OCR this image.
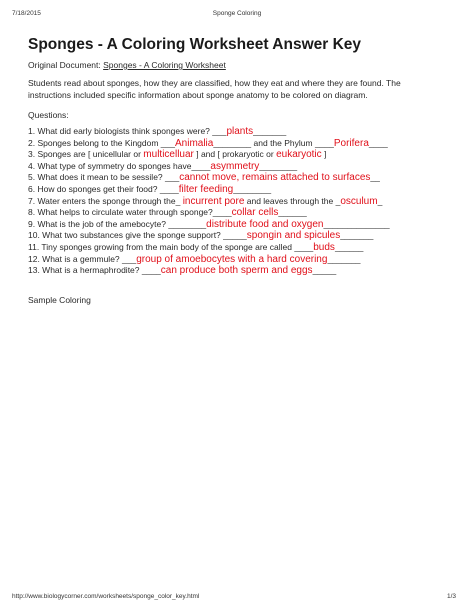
7/18/2015	Sponge Coloring
Sponges - A Coloring Worksheet Answer Key
Original Document: Sponges - A Coloring Worksheet
Students read about sponges, how they are classified, how they eat and where they are found. The instructions included specific information about sponge anatomy to be colored on diagram.
Questions:
1. What did early biologists think sponges were? ___plants_______
2. Sponges belong to the Kingdom ___Animalia________ and the Phylum ____Porifera____
3. Sponges are [ unicellular or multicelluar ] and [ prokaryotic or eukaryotic ]
4. What type of symmetry do sponges have____asymmetry________
5. What does it mean to be sessile? ___cannot move, remains attached to surfaces__
6. How do sponges get their food? ____filter feeding________
7. Water enters the sponge through the_ incurrent pore and leaves through the _osculum_
8. What helps to circulate water through sponge?____collar cells______
9. What is the job of the amebocyte? ________distribute food and oxygen______________
10. What two substances give the sponge support? _____spongin and spicules_______
11. Tiny sponges growing from the main body of the sponge are called ____buds______
12. What is a gemmule? ___group of amoebocytes with a hard covering_______
13. What is a hermaphrodite? ____can produce both sperm and eggs_____
Sample Coloring
http://www.biologycorner.com/worksheets/sponge_color_key.html	1/3
